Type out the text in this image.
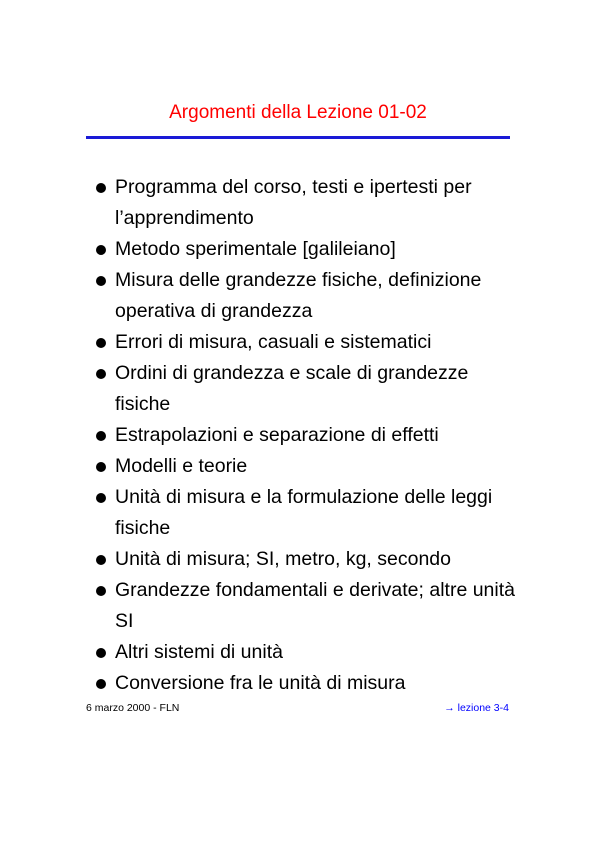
Argomenti della Lezione 01-02
Programma del corso, testi e ipertesti per l’apprendimento
Metodo sperimentale [galileiano]
Misura delle grandezze fisiche, definizione operativa di grandezza
Errori di misura, casuali e sistematici
Ordini di grandezza e scale di grandezze fisiche
Estrapolazioni e separazione di effetti
Modelli e teorie
Unità di misura e la formulazione delle leggi fisiche
Unità di misura; SI, metro, kg, secondo
Grandezze fondamentali e derivate; altre unità SI
Altri sistemi di unità
Conversione fra le unità di misura
6 marzo 2000 - FLN	→ lezione 3-4
